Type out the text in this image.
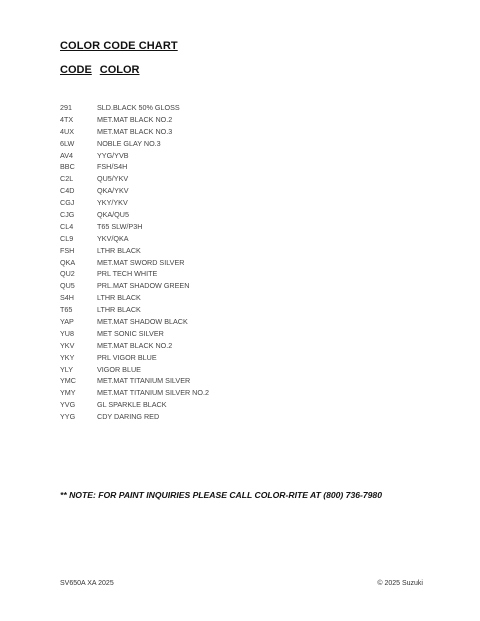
COLOR CODE CHART
CODE COLOR
291	SLD.BLACK 50% GLOSS
4TX	MET.MAT BLACK NO.2
4UX	MET.MAT BLACK NO.3
6LW	NOBLE GLAY NO.3
AV4	YYG/YVB
BBC	FSH/S4H
C2L	QU5/YKV
C4D	QKA/YKV
CGJ	YKY/YKV
CJG	QKA/QU5
CL4	T65 SLW/P3H
CL9	YKV/QKA
FSH	LTHR BLACK
QKA	MET.MAT SWORD SILVER
QU2	PRL TECH WHITE
QU5	PRL.MAT SHADOW GREEN
S4H	LTHR BLACK
T65	LTHR BLACK
YAP	MET.MAT SHADOW BLACK
YU8	MET SONIC SILVER
YKV	MET.MAT BLACK NO.2
YKY	PRL VIGOR BLUE
YLY	VIGOR BLUE
YMC	MET.MAT TITANIUM SILVER
YMY	MET.MAT TITANIUM SILVER NO.2
YVG	GL SPARKLE BLACK
YYG	CDY DARING RED
** NOTE: FOR PAINT INQUIRIES PLEASE CALL COLOR-RITE AT (800) 736-7980
SV650A XA 2025	© 2025 Suzuki
